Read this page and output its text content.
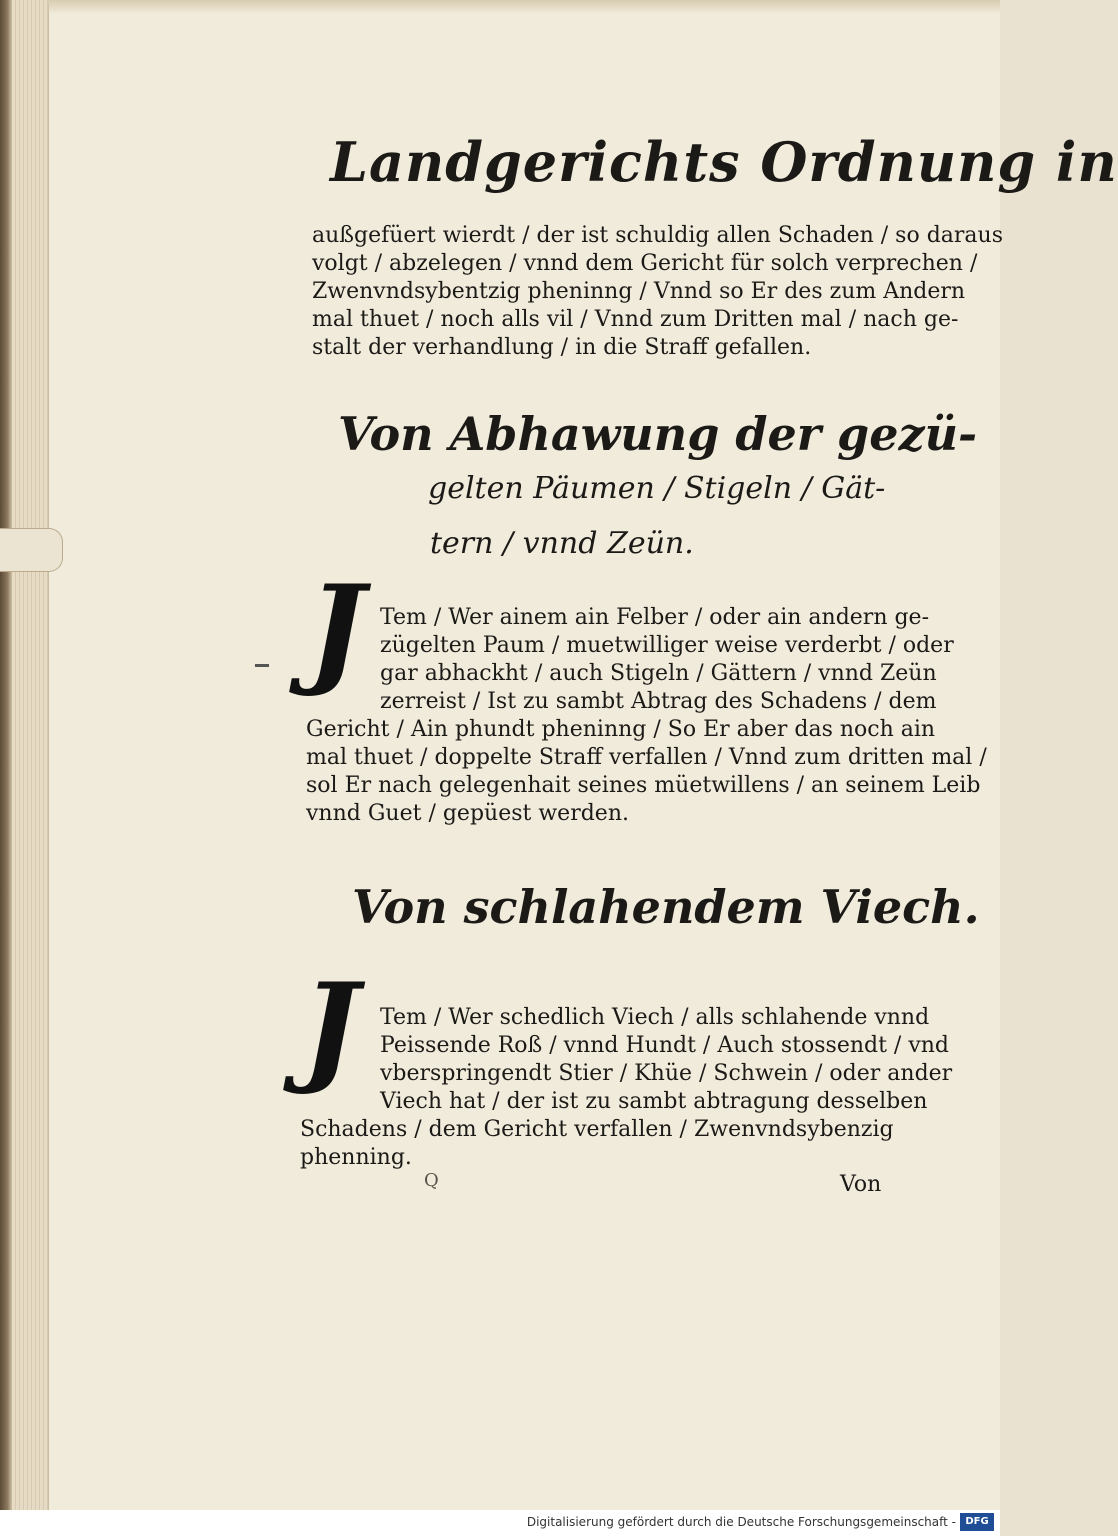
Landgerichts Ordnung in
außgefüert wierdt / der ist schuldig allen Schaden / so daraus
volgt / abzelegen / vnnd dem Gericht für solch verprechen /
Zwenvndsybentzig pheninng / Vnnd so Er des zum Andern
mal thuet / noch alls vil / Vnnd zum Dritten mal / nach ge-
stalt der verhandlung / in die Straff gefallen.
Von Abhawung der gezü-
gelten Päumen / Stigeln / Gät-
tern / vnnd Zeün.
J Tem / Wer ainem ain Felber / oder ain andern ge-
zügelten Paum / muetwilliger weise verderbt / oder
gar abhackht / auch Stigeln / Gättern / vnnd Zeün
zerreist / Ist zu sambt Abtrag des Schadens / dem
Gericht / Ain phundt pheninng / So Er aber das noch ain
mal thuet / doppelte Straff verfallen / Vnnd zum dritten mal /
sol Er nach gelegenhait seines müetwillens / an seinem Leib
vnnd Guet / gepüest werden.
Von schlahendem Viech.
J Tem / Wer schedlich Viech / alls schlahende vnnd
Peissende Roß / vnnd Hundt / Auch stossendt / vnd
vberspringendt Stier / Khüe / Schwein / oder ander
Viech hat / der ist zu sambt abtragung desselben
Schadens / dem Gericht verfallen / Zwenvndsybenzig
phenning.
Q	Von
Digitalisierung gefördert durch die Deutsche Forschungsgemeinschaft - DFG
